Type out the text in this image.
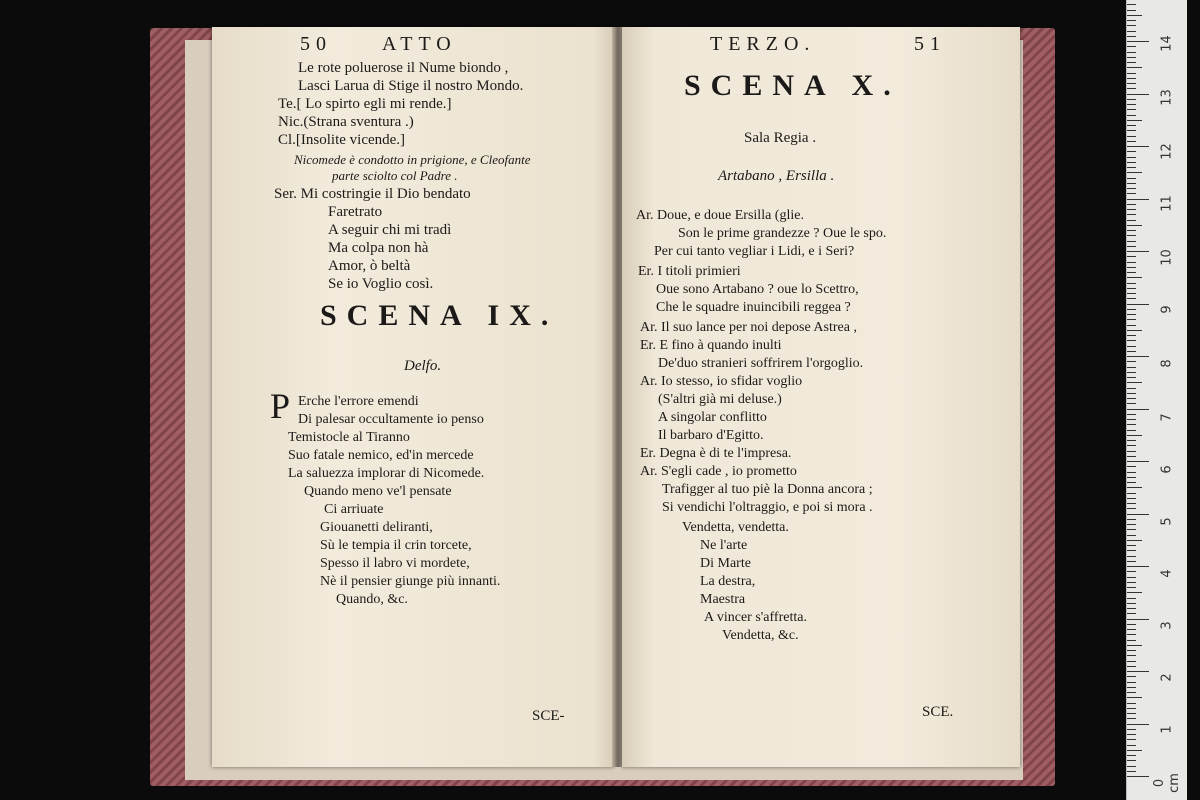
50	ATTO
Le rote poluerose il Nume biondo ,
Lasci Larua di Stige il nostro Mondo.
Te.[ Lo spirto egli mi rende.]
Nic.(Strana sventura .)
Cl.[Insolite vicende.]
Nicomede è condotto in prigione, e Cleofante
parte sciolto col Padre .
Ser. Mi costringie il Dio bendato
Faretrato
A seguir chi mi tradì
Ma colpa non hà
Amor, ò beltà
Se io Voglio così.
SCENA IX.
Delfo.
P Erche l'errore emendi
Di palesar occultamente io penso
Temistocle al Tiranno
Suo fatale nemico, ed'in mercede
La saluezza implorar di Nicomede.
Quando meno ve'l pensate
Ci arriuate
Giouanetti deliranti,
Sù le tempia il crin torcete,
Spesso il labro vi mordete,
Nè il pensier giunge più innanti.
Quando, &c.
SCE-
TERZO.	51
SCENA X.
Sala Regia .
Artabano , Ersilla .
Ar. Doue, e doue Ersilla (glie.
Son le prime grandezze ? Oue le spo.
Per cui tanto vegliar i Lidi, e i Seri?
Er. I titoli primieri
Oue sono Artabano ? oue lo Scettro,
Che le squadre inuincibili reggea ?
Ar. Il suo lance per noi depose Astrea ,
Er. E fino à quando inulti
De'duo stranieri soffrirem l'orgoglio.
Ar. Io stesso, io sfidar voglio
(S'altri già mi deluse.)
A singolar conflitto
Il barbaro d'Egitto.
Er. Degna è di te l'impresa.
Ar. S'egli cade , io prometto
Trafigger al tuo piè la Donna ancora ;
Si vendichi l'oltraggio, e poi si mora .
Vendetta, vendetta.
Ne l'arte
Di Marte
La destra,
Maestra
A vincer s'affretta.
Vendetta, &c.
SCE.
0 cm
1
2
3
4
5
6
7
8
9
10
11
12
13
14
